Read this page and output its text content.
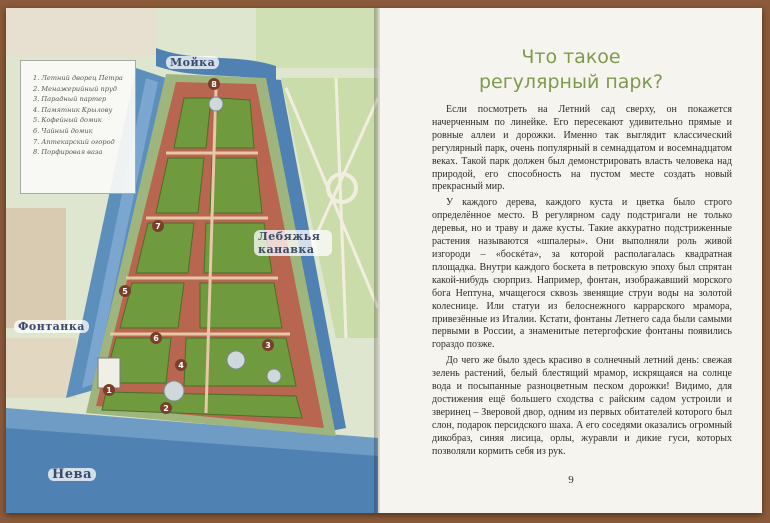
1
2
3
4
5
6
7
8
1. Летний дворец Петра
2. Менажерийный пруд
3. Парадный партер
4. Памятник Крылову
5. Кофейный домик
6. Чайный домик
7. Аптекарский огород
8. Порфировая ваза
Мойка
Лебяжья канавка
Фонтанка
Нева
Что такое
регулярный парк?

Если посмотреть на Летний сад сверху, он покажется начерченным по линейке. Его пересекают удивительно прямые и ровные аллеи и дорожки. Именно так выглядит классический регулярный парк, очень популярный в семнадцатом и восемнадцатом веках. Такой парк должен был демонстрировать власть человека над природой, его способность на пустом месте создать новый прекрасный мир.

У каждого дерева, каждого куста и цветка было строго определённое место. В регулярном саду подстригали не только деревья, но и траву и даже кусты. Такие аккуратно подстриженные растения называются «шпалеры». Они выполняли роль живой изгороди – «боскéта», за которой располагалась квадратная площадка. Внутри каждого боскета в петровскую эпоху был спрятан какой-нибудь сюрприз. Например, фонтан, изображавший морского бога Нептуна, мчащегося сквозь звенящие струи воды на золотой колеснице. Или статуи из белоснежного каррарского мрамора, привезённые из Италии. Кстати, фонтаны Летнего сада были самыми первыми в России, а знаменитые петергофские фонтаны появились гораздо позже.

До чего же было здесь красиво в солнечный летний день: свежая зелень растений, белый блестящий мрамор, искрящаяся на солнце вода и посыпанные разноцветным песком дорожки! Видимо, для достижения ещё большего сходства с райским садом устроили и зверинец – Зверовой двор, одним из первых обитателей которого был слон, подарок персидского шаха. А его соседями оказались огромный дикобраз, синяя лисица, орлы, журавли и дикие гуси, которых позволяли кормить себя из рук.

9
